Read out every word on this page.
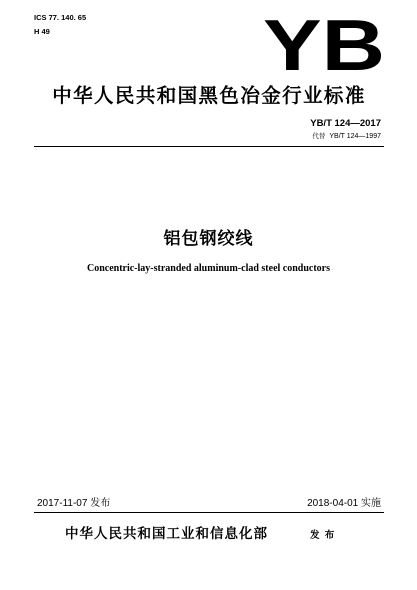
ICS 77. 140. 65
H 49	YB
中华人民共和国黑色冶金行业标准
YB/T 124—2017
代替 YB/T 124—1997
铝包钢绞线
Concentric-lay-stranded aluminum-clad steel conductors
2017-11-07 发布	2018-04-01 实施
中华人民共和国工业和信息化部	发 布
